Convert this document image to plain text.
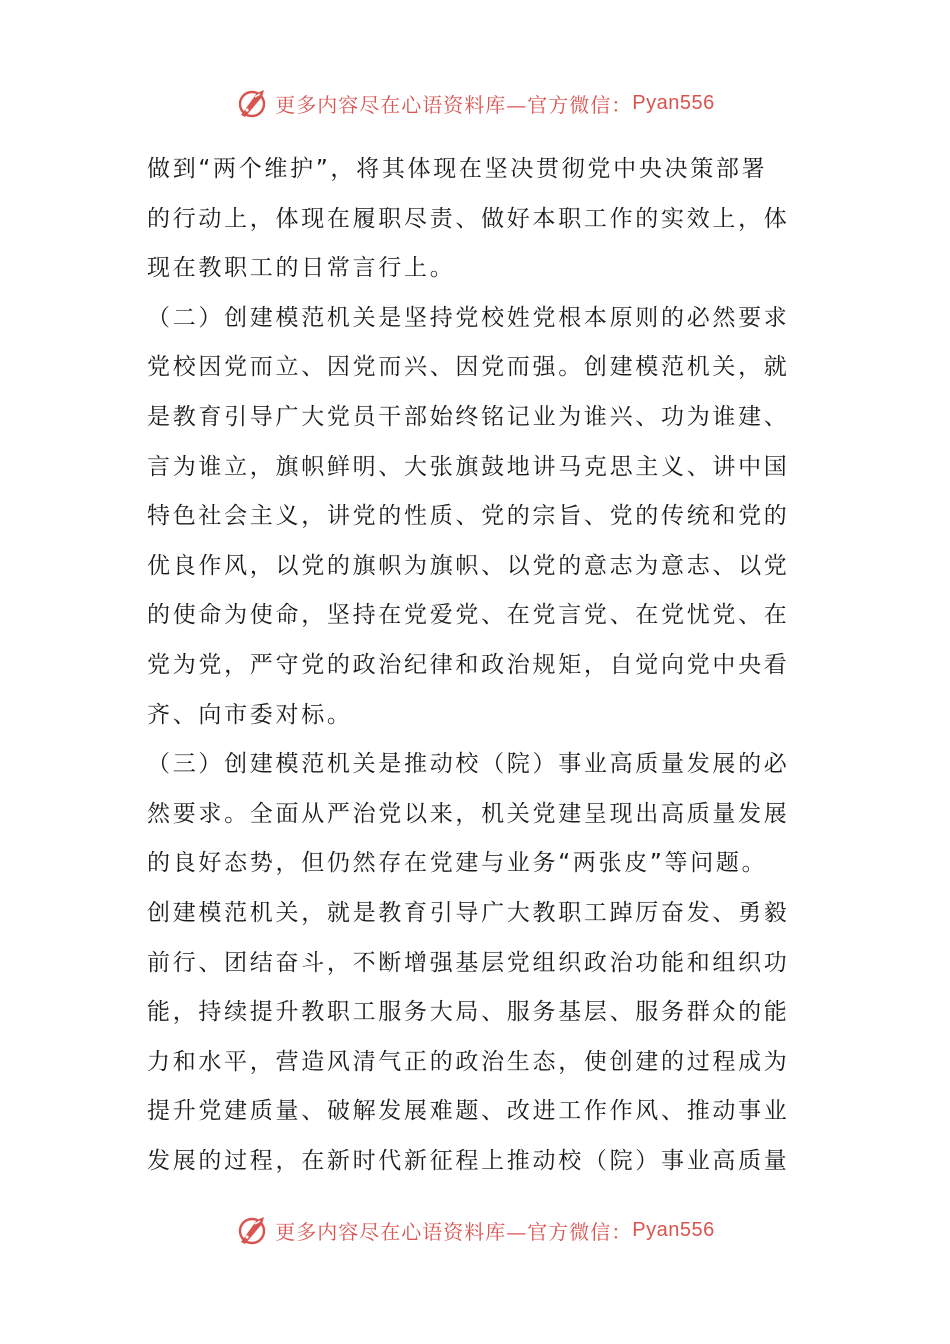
更多内容尽在心语资料库—官方微信： Pyan556
做到“两个维护”，将其体现在坚决贯彻党中央决策部署
的行动上，体现在履职尽责、做好本职工作的实效上，体
现在教职工的日常言行上。
（二）创建模范机关是坚持党校姓党根本原则的必然要求
党校因党而立、因党而兴、因党而强。创建模范机关，就
是教育引导广大党员干部始终铭记业为谁兴、功为谁建、
言为谁立，旗帜鲜明、大张旗鼓地讲马克思主义、讲中国
特色社会主义，讲党的性质、党的宗旨、党的传统和党的
优良作风，以党的旗帜为旗帜、以党的意志为意志、以党
的使命为使命，坚持在党爱党、在党言党、在党忧党、在
党为党，严守党的政治纪律和政治规矩，自觉向党中央看
齐、向市委对标。
（三）创建模范机关是推动校（院）事业高质量发展的必
然要求。全面从严治党以来，机关党建呈现出高质量发展
的良好态势，但仍然存在党建与业务“两张皮”等问题。
创建模范机关，就是教育引导广大教职工踔厉奋发、勇毅
前行、团结奋斗，不断增强基层党组织政治功能和组织功
能，持续提升教职工服务大局、服务基层、服务群众的能
力和水平，营造风清气正的政治生态，使创建的过程成为
提升党建质量、破解发展难题、改进工作作风、推动事业
发展的过程，在新时代新征程上推动校（院）事业高质量
更多内容尽在心语资料库—官方微信： Pyan556
